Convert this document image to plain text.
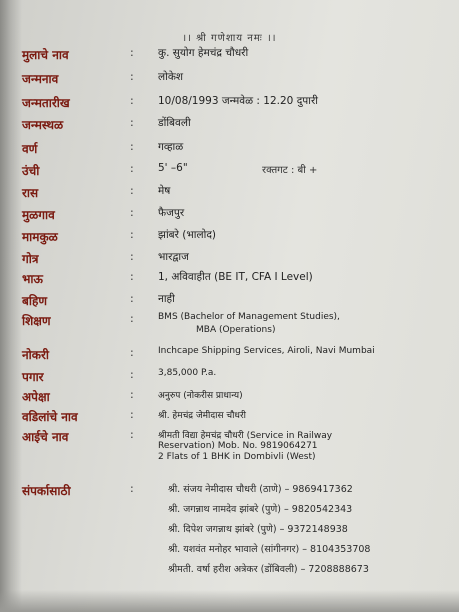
।। श्री गणेशाय नमः ।।
मुलाचे नाव	: कु. सुयोग हेमचंद्र चौधरी
जन्मनाव	: लोकेश
जन्मतारीख	: 10/08/1993 जन्मवेळ : 12.20 दुपारी
जन्मस्थळ	: डोंबिवली
वर्ण	: गव्हाळ
उंची	: 5' –6"	रक्तगट : बी +
रास	: मेष
मुळगाव	: फैजपुर
मामकुळ	: झांबरे (भालोद)
गोत्र	: भारद्वाज
भाऊ	: 1, अविवाहीत (BE IT, CFA I Level)
बहिण	: नाही
शिक्षण	:	BMS (Bachelor of Management Studies),
MBA (Operations)
नोकरी	:	Inchcape Shipping Services, Airoli, Navi Mumbai
पगार	:	3,85,000 P.a.
अपेक्षा	:	अनुरुप (नोकरीस प्राधान्य)
वडिलांचे नाव	:	श्री. हेमचंद्र जेमीदास चौधरी
आईचे नाव	:	श्रीमती विद्या हेमचंद्र चौधरी (Service in Railway
Reservation) Mob. No. 9819064271
2 Flats of 1 BHK in Dombivli (West)
संपर्कासाठी	:	श्री. संजय नेमीदास चौधरी (ठाणे) – 9869417362
श्री. जगन्नाथ नामदेव झांबरे (पुणे) – 9820542343
श्री. दिपेश जगन्नाथ झांबरे (पुणे) – 9372148938
श्री. यशवंत मनोहर भावाले (सांगीनगर) – 8104353708
श्रीमती. वर्षा हरीश अत्रेकर (डोंबिवली) – 7208888673
